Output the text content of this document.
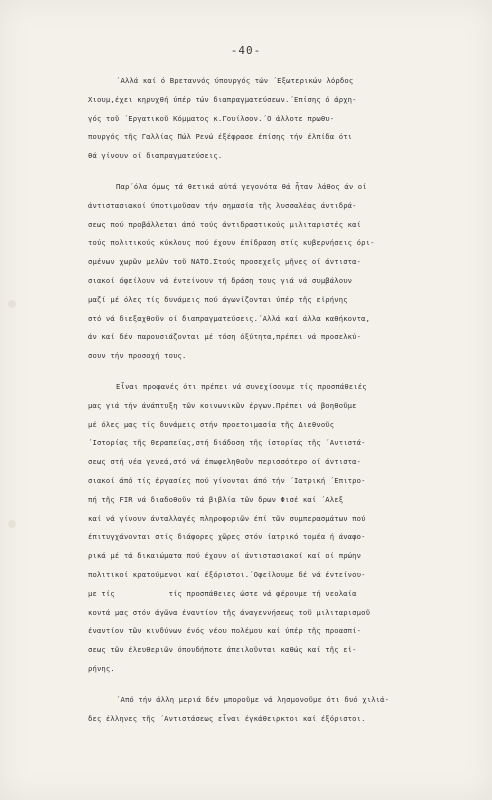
-40-
΄Αλλά καί ό Βρεταννός ύπουργός τών ΄Εξωτερικών λόρδος
Χιουμ,έχει κηρυχθή ύπέρ τών διαπραγματεύσεων.΄Επίσης ό άρχη-
γός τοῦ ΄Εργατικοῦ Κόμματος κ.Γουίλσον.΄Ο άλλοτε πρωθυ-
πουργός τῆς Γαλλίας Πώλ Ρενώ έξέφρασε έπίσης τήν έλπίδα ότι
θά γίνουν οί διαπραγματεύσεις.
Παρ΄όλα όμως τά θετικά αὐτά γεγονότα θά ἦταν λάθος άν οί
άντιστασιακοί ύποτιμοῦσαν τήν σημασία τῆς λυσσαλέας άντιδρά-
σεως πού προβάλλεται άπό τούς άντιδραστικούς μιλιταριστές καί
τούς πολιτικούς κύκλους πού έχουν έπίδραση στίς κυβερνήσεις όρι-
σμένων χωρῶν μελῶν τοῦ ΝΑΤΟ.Στούς προσεχεῖς μῆνες οί άντιστα-
σιακοί όφείλουν νά έντείνουν τή δράση τους γιά νά συμβάλουν
μαζί μέ όλες τίς δυνάμεις πού άγωνίζονται ύπέρ τῆς εἰρήνης
στό νά διεξαχθοῦν οί διαπραγματεύσεις.΄Αλλά καί άλλα καθήκοντα,
άν καί δέν παρουσιάζονται μέ τόση όξύτητα,πρέπει νά προσελκύ-
σουν τήν προσοχή τους.
Εἶναι προφανές ότι πρέπει νά συνεχίσουμε τίς προσπάθειές
μας γιά τήν άνάπτυξη τῶν κοινωνικῶν έργων.Πρέπει νά βοηθοῦμε
μέ όλες μας τίς δυνάμεις στήν προετοιμασία τῆς Διεθνοῦς
΄Ιστορίας τῆς Θεραπείας,στή διάδοση τῆς ίστορίας τῆς ΄Αντιστά-
σεως στή νέα γενεά,στό νά έπωφεληθοῦν περισσότερο οί άντιστα-
σιακοί άπό τίς έργασίες πού γίνονται άπό τήν ΄Ιατρική ΄Επιτρο-
πή τῆς FIR νά διαδοθοῦν τά βιβλία τῶν δρων Φισέ καί ΄Αλεξ
καί νά γίνουν άνταλλαγές πληροφοριῶν έπί τῶν συμπερασμάτων πού
έπιτυγχάνονται στίς διάφορες χῶρες στόν ίατρικό τομέα ή άναφο-
ρικά μέ τά δικαιώματα πού έχουν οί άντιστασιακοί καί οί πρώην
πολιτικοί κρατούμενοι καί έξόριστοι.΄Οφείλουμε δέ νά έντείνου-
με τίς            τίς προσπάθειες ώστε νά φέρουμε τή νεολαία
κοντά μας στόν άγῶνα έναντίον τῆς άναγεννήσεως τοῦ μιλιταρισμοῦ
έναντίον τῶν κινδύνων ένός νέου πολέμου καί ύπέρ τῆς προασπί-
σεως τῶν έλευθεριῶν όπουδήποτε άπειλοῦνται καθώς καί τῆς εἰ-
ρήνης.
΄Από τήν άλλη μεριά δέν μποροῦμε νά λησμονοῦμε ότι δυό χιλιά-
δες έλληνες τῆς ΄Αντιστάσεως εἶναι έγκάθειρκτοι καί έξόριστοι.
